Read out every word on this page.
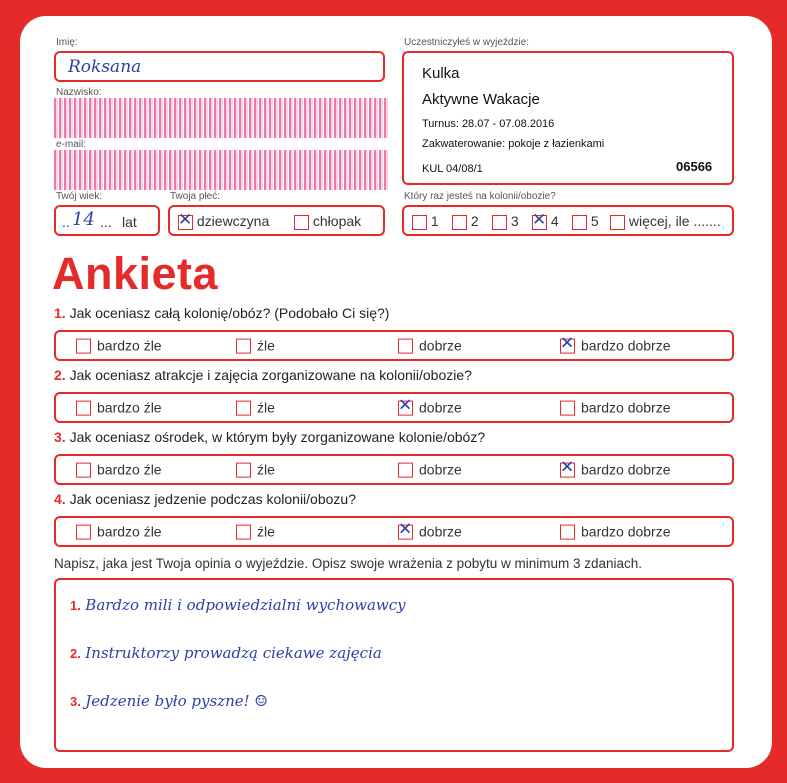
Imię:
Roksana
Nazwisko:
e-mail:
Twój wiek:
.. 14 ... lat
Twoja płeć:
✕ dziewczyna	chłopak
Uczestniczyłeś w wyjeździe:
Kulka
Aktywne Wakacje
Turnus: 28.07 - 07.08.2016
Zakwaterowanie: pokoje z łazienkami
KUL 04/08/1	06566
Który raz jesteś na kolonii/obozie?
1	2	3 ✕	4	5	więcej, ile .......
Ankieta
1. Jak oceniasz całą kolonię/obóz? (Podobało Ci się?)
bardzo źle	źle	dobrze ✕	bardzo dobrze
2. Jak oceniasz atrakcje i zajęcia zorganizowane na kolonii/obozie?
bardzo źle	źle ✕	dobrze	bardzo dobrze
3. Jak oceniasz ośrodek, w którym były zorganizowane kolonie/obóz?
bardzo źle	źle	dobrze ✕	bardzo dobrze
4. Jak oceniasz jedzenie podczas kolonii/obozu?
bardzo źle	źle ✕	dobrze	bardzo dobrze
Napisz, jaka jest Twoja opinia o wyjeździe. Opisz swoje wrażenia z pobytu w minimum 3 zdaniach.
1. Bardzo mili i odpowiedzialni wychowawcy
2. Instruktorzy prowadzą ciekawe zajęcia
3. Jedzenie było pyszne! ☺
